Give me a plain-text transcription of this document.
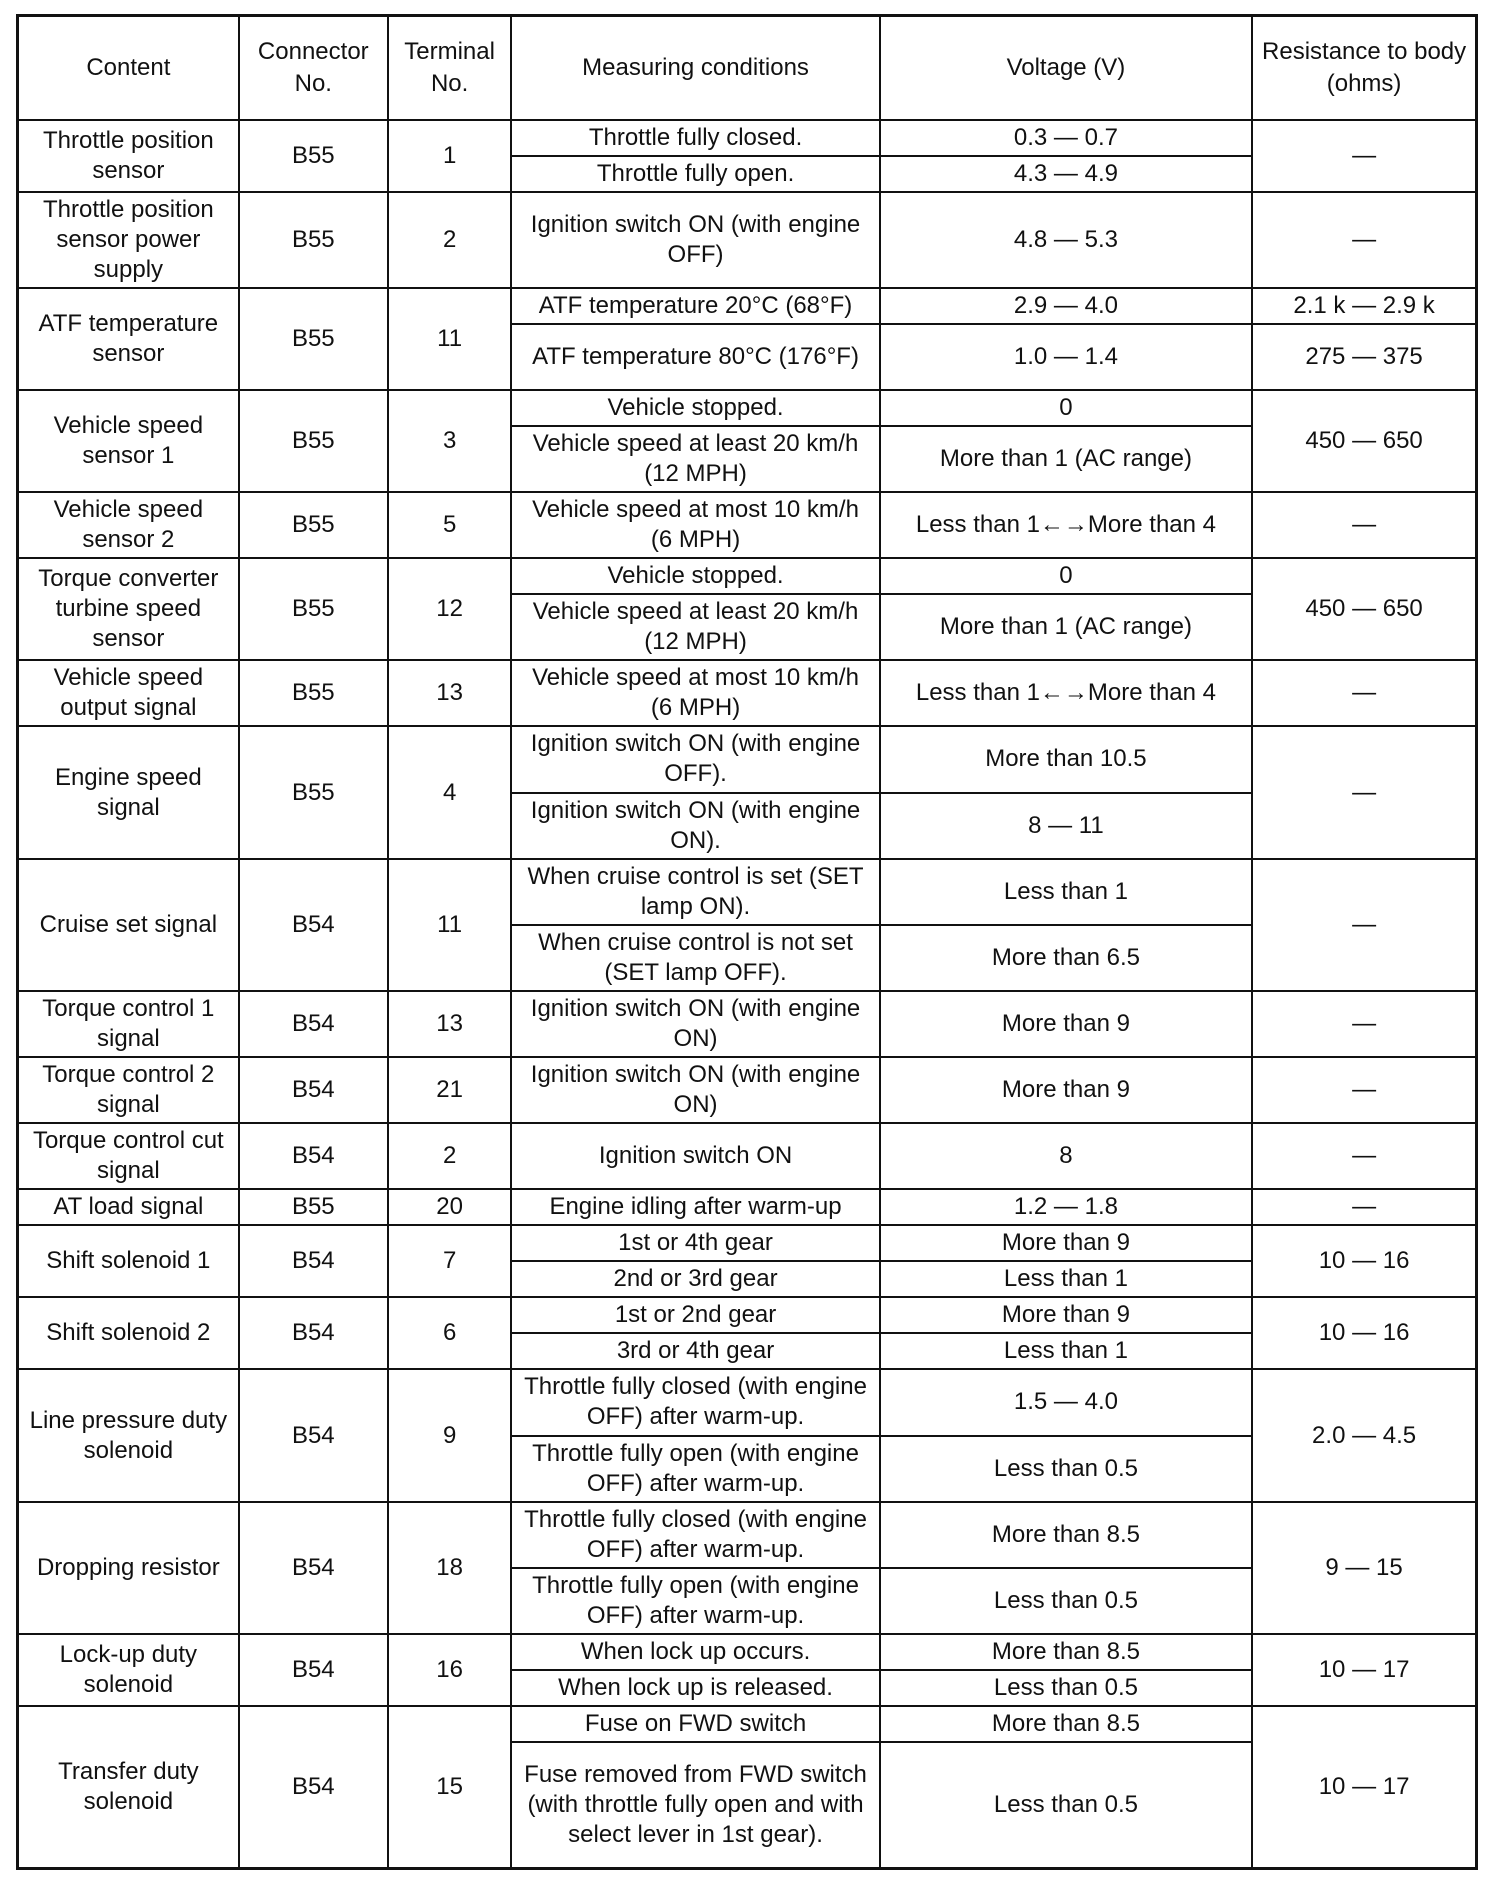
Content	Connector No.	Terminal No.	Measuring conditions	Voltage (V)	Resistance to body (ohms)
Throttle position sensor	B55	1	Throttle fully closed.	0.3 — 0.7	—
			Throttle fully open.	4.3 — 4.9	
Throttle position sensor power supply	B55	2	Ignition switch ON (with engine OFF)	4.8 — 5.3	—
ATF temperature sensor	B55	11	ATF temperature 20°C (68°F)	2.9 — 4.0	2.1 k — 2.9 k
			ATF temperature 80°C (176°F)	1.0 — 1.4	275 — 375
Vehicle speed sensor 1	B55	3	Vehicle stopped.	0	450 — 650
			Vehicle speed at least 20 km/h (12 MPH)	More than 1 (AC range)	
Vehicle speed sensor 2	B55	5	Vehicle speed at most 10 km/h (6 MPH)	Less than 1←→More than 4	—
Torque converter turbine speed sensor	B55	12	Vehicle stopped.	0	450 — 650
			Vehicle speed at least 20 km/h (12 MPH)	More than 1 (AC range)	
Vehicle speed output signal	B55	13	Vehicle speed at most 10 km/h (6 MPH)	Less than 1←→More than 4	—
Engine speed signal	B55	4	Ignition switch ON (with engine OFF).	More than 10.5	—
			Ignition switch ON (with engine ON).	8 — 11	
Cruise set signal	B54	11	When cruise control is set (SET lamp ON).	Less than 1	—
			When cruise control is not set (SET lamp OFF).	More than 6.5	
Torque control 1 signal	B54	13	Ignition switch ON (with engine ON)	More than 9	—
Torque control 2 signal	B54	21	Ignition switch ON (with engine ON)	More than 9	—
Torque control cut signal	B54	2	Ignition switch ON	8	—
AT load signal	B55	20	Engine idling after warm-up	1.2 — 1.8	—
Shift solenoid 1	B54	7	1st or 4th gear	More than 9	10 — 16
			2nd or 3rd gear	Less than 1	
Shift solenoid 2	B54	6	1st or 2nd gear	More than 9	10 — 16
			3rd or 4th gear	Less than 1	
Line pressure duty solenoid	B54	9	Throttle fully closed (with engine OFF) after warm-up.	1.5 — 4.0	2.0 — 4.5
			Throttle fully open (with engine OFF) after warm-up.	Less than 0.5	
Dropping resistor	B54	18	Throttle fully closed (with engine OFF) after warm-up.	More than 8.5	9 — 15
			Throttle fully open (with engine OFF) after warm-up.	Less than 0.5	
Lock-up duty solenoid	B54	16	When lock up occurs.	More than 8.5	10 — 17
			When lock up is released.	Less than 0.5	
Transfer duty solenoid	B54	15	Fuse on FWD switch	More than 8.5	10 — 17
			Fuse removed from FWD switch (with throttle fully open and with select lever in 1st gear).	Less than 0.5	
